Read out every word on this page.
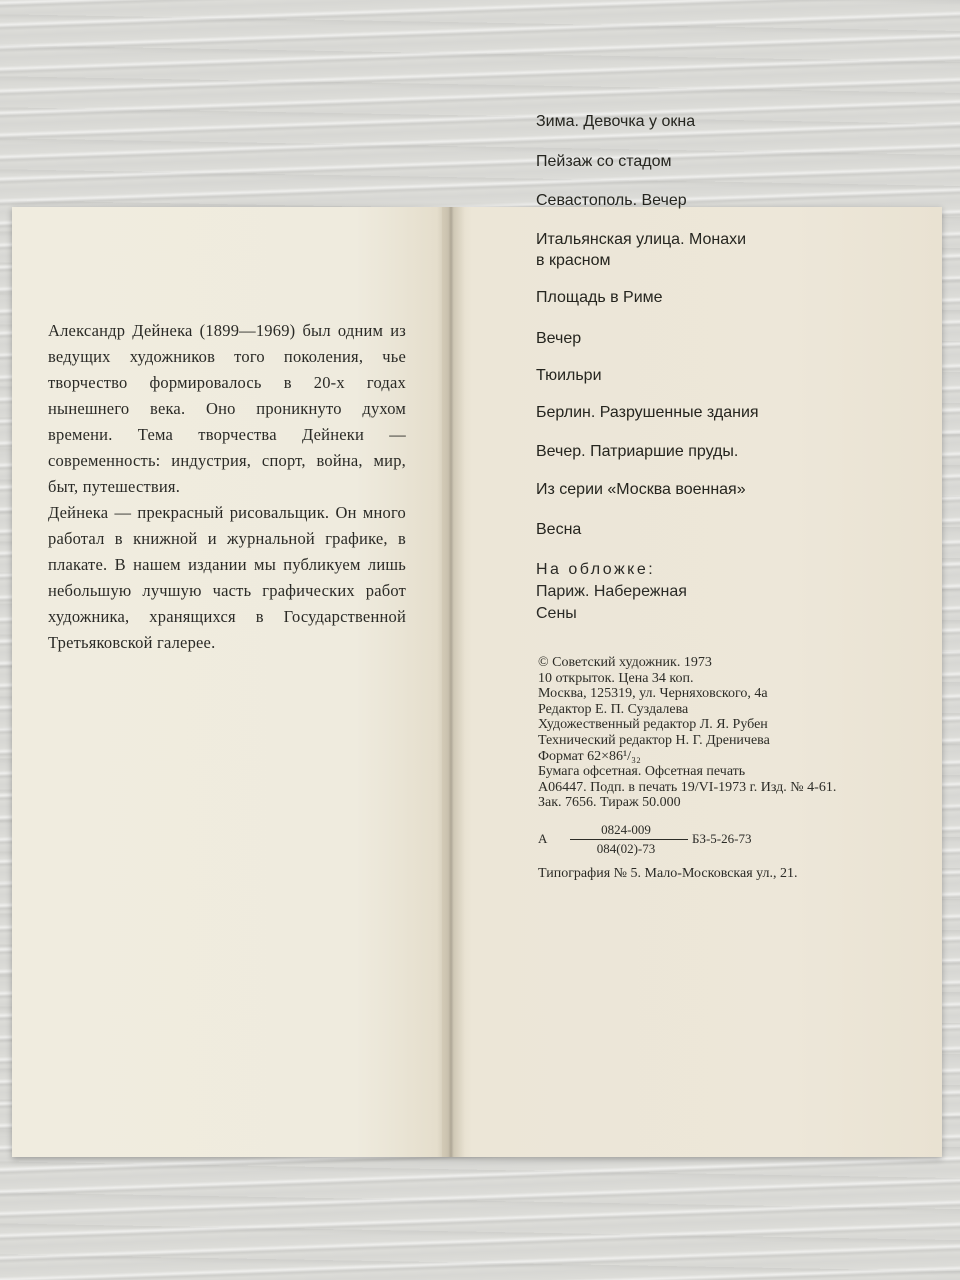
Александр Дейнека (1899—1969) был одним из ведущих художников того поколения, чье творчество формировалось в 20-х годах нынешнего века. Оно проникнуто духом времени. Тема творчества Дейнеки — современность: индустрия, спорт, война, мир, быт, путешествия.

Дейнека — прекрасный рисовальщик. Он много работал в книжной и журнальной графике, в плакате. В нашем издании мы публикуем лишь небольшую лучшую часть графических работ художника, хранящихся в Государственной Третьяковской галерее.

Зима. Девочка у окна
Пейзаж со стадом
Севастополь. Вечер
Итальянская улица. Монахи
в красном
Площадь в Риме
Вечер
Тюильри
Берлин. Разрушенные здания
Вечер. Патриаршие пруды.
Из серии «Москва военная»
Весна
На обложке:
Париж. Набережная
Сены
© Советский художник. 1973
10 открыток. Цена 34 коп.
Москва, 125319, ул. Черняховского, 4а
Редактор Е. П. Суздалева
Художественный редактор Л. Я. Рубен
Технический редактор Н. Г. Дреничева
Формат 62×86¹/₃₂
Бумага офсетная. Офсетная печать
А06447. Подп. в печать 19/VI-1973 г. Изд. № 4-61.
Зак. 7656. Тираж 50.000
А
0824-009
084(02)-73
БЗ-5-26-73
Типография № 5. Мало-Московская ул., 21.
